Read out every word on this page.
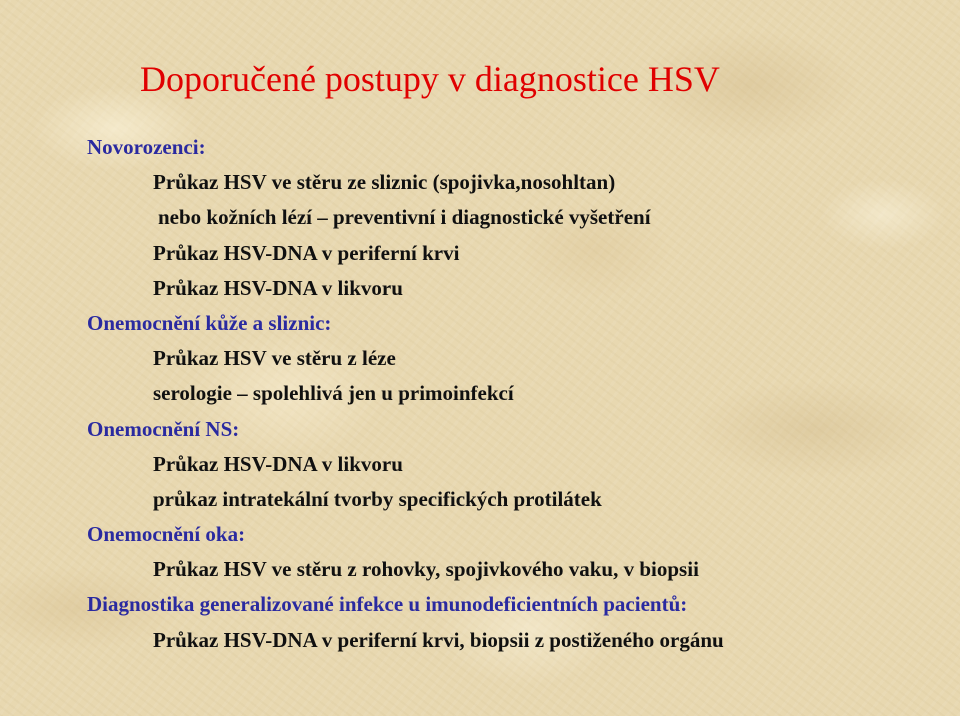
Doporučené postupy v diagnostice HSV
Novorozenci:
Průkaz HSV ve stěru ze sliznic (spojivka,nosohltan)
nebo kožních lézí – preventivní i diagnostické vyšetření
Průkaz HSV-DNA v periferní krvi
Průkaz HSV-DNA v likvoru
Onemocnění kůže a sliznic:
Průkaz HSV ve stěru z léze
serologie – spolehlivá jen u primoinfekcí
Onemocnění NS:
Průkaz HSV-DNA v likvoru
průkaz intratekální tvorby specifických protilátek
Onemocnění oka:
Průkaz HSV ve stěru z rohovky, spojivkového vaku, v biopsii
Diagnostika generalizované infekce u imunodeficientních pacientů:
Průkaz HSV-DNA v periferní krvi, biopsii z postiženého orgánu
